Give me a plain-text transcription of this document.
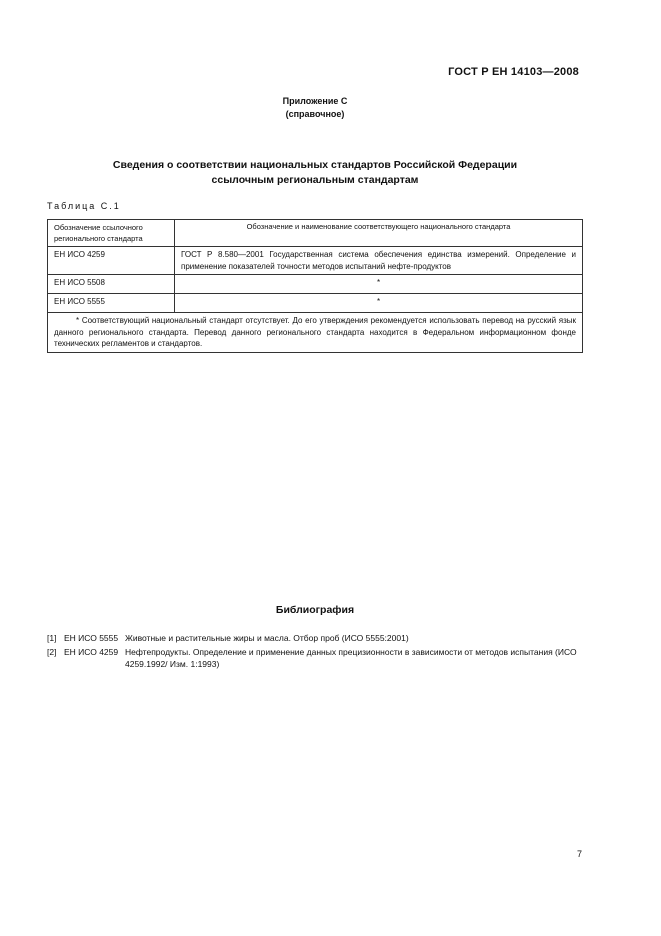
ГОСТ Р ЕН 14103—2008
Приложение С
(справочное)
Сведения о соответствии национальных стандартов Российской Федерации
ссылочным региональным стандартам
Таблица С.1
Обозначение ссылочного регионального стандарта	Обозначение и наименование соответствующего национального стандарта
ЕН ИСО 4259	ГОСТ Р 8.580—2001 Государственная система обеспечения единства измерений. Определение и применение показателей точности методов испытаний нефте-продуктов
ЕН ИСО 5508	*
ЕН ИСО 5555	*
* Соответствующий национальный стандарт отсутствует. До его утверждения рекомендуется использовать перевод на русский язык данного регионального стандарта. Перевод данного регионального стандарта находится в Федеральном информационном фонде технических регламентов и стандартов.	
Библиография
[1] ЕН ИСО 5555 Животные и растительные жиры и масла. Отбор проб (ИСО 5555:2001)
[2] ЕН ИСО 4259 Нефтепродукты. Определение и применение данных прецизионности в зависимости от методов испытания (ИСО 4259.1992/ Изм. 1:1993)
7
